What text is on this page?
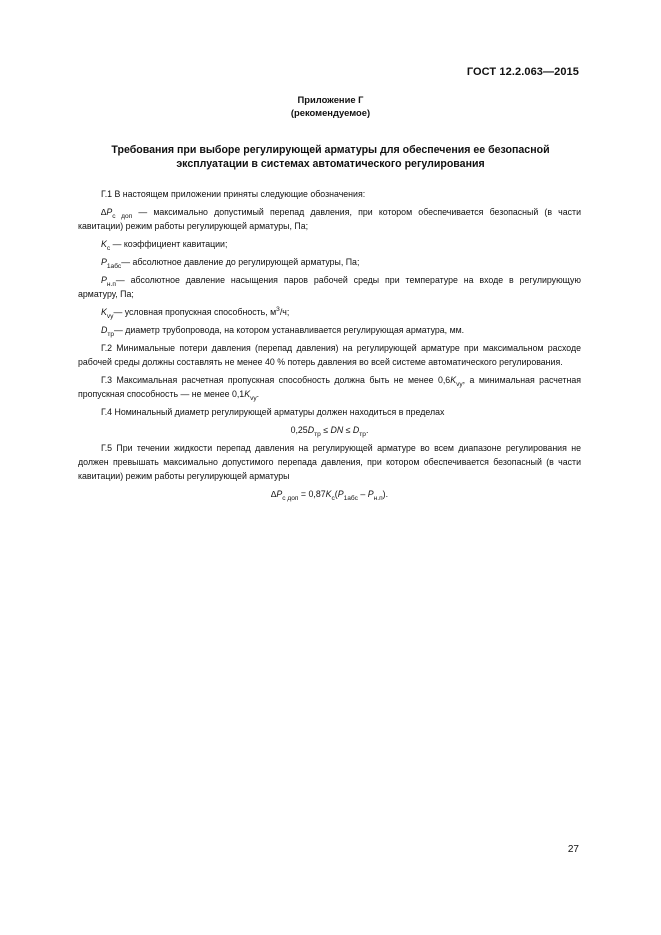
ГОСТ 12.2.063—2015
Приложение Г
(рекомендуемое)
Требования при выборе регулирующей арматуры для обеспечения ее безопасной эксплуатации в системах автоматического регулирования

Г.1 В настоящем приложении приняты следующие обозначения:

$\Delta P_{с доп}$ — максимально допустимый перепад давления, при котором обеспечивается безопасный (в части кавитации) режим работы регулирующей арматуры, Па;

$K_c$ — коэффициент кавитации;

$P_{1абс}—$ абсолютное давление до регулирующей арматуры, Па;

$P_{н.п}—$ абсолютное давление насыщения паров рабочей среды при температуре на входе в регулирующую арматуру, Па;

$K_{vy}—$ условная пропускная способность, $м^3/ч$;

$D_{тр}—$ диаметр трубопровода, на котором устанавливается регулирующая арматура, мм.

Г.2 Минимальные потери давления (перепад давления) на регулирующей арматуре при максимальном расходе рабочей среды должны составлять не менее 40 % потерь давления во всей системе автоматического регулирования.

Г.3 Максимальная расчетная пропускная способность должна быть не менее $0,6K_{vy}$, а минимальная расчетная пропускная способность — не менее $0,1K_{vy}$.

Г.4 Номинальный диаметр регулирующей арматуры должен находиться в пределах

$0,25D_{тр}$ ≤ DN ≤ $D_{тр}$.

Г.5 При течении жидкости перепад давления на регулирующей арматуре во всем диапазоне регулирования не должен превышать максимально допустимого перепада давления, при котором обеспечивается безопасный (в части кавитации) режим работы регулирующей арматуры

$\Delta P_{с доп} = 0,87K_c(P_{1абс} - P_{н.п})$.
27
